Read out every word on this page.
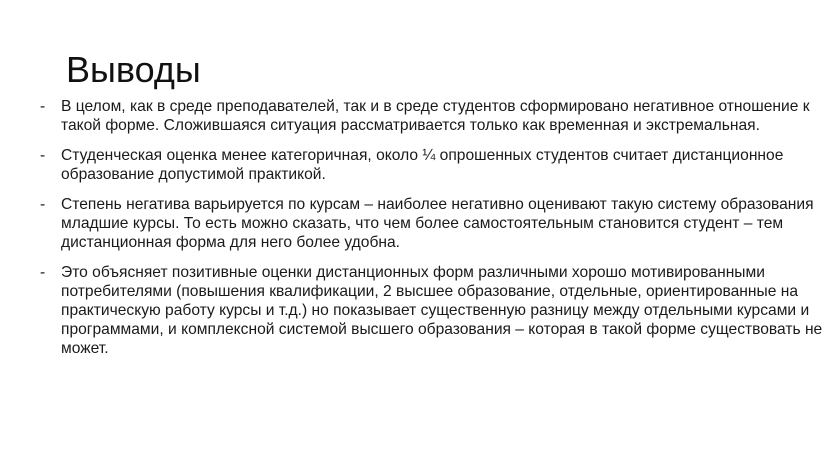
Выводы
- В целом, как в среде преподавателей, так и в среде студентов сформировано негативное отношение к такой форме. Сложившаяся ситуация рассматривается только как временная и экстремальная.
- Студенческая оценка менее категоричная, около ¼ опрошенных студентов считает дистанционное образование допустимой практикой.
- Степень негатива варьируется по курсам – наиболее негативно оценивают такую систему образования младшие курсы. То есть можно сказать, что чем более самостоятельным становится студент – тем дистанционная форма для него более удобна.
- Это объясняет позитивные оценки дистанционных форм различными хорошо мотивированными потребителями (повышения квалификации, 2 высшее образование, отдельные, ориентированные на практическую работу курсы и т.д.) но показывает существенную разницу между отдельными курсами и программами, и комплексной системой высшего образования – которая в такой форме существовать не может.
